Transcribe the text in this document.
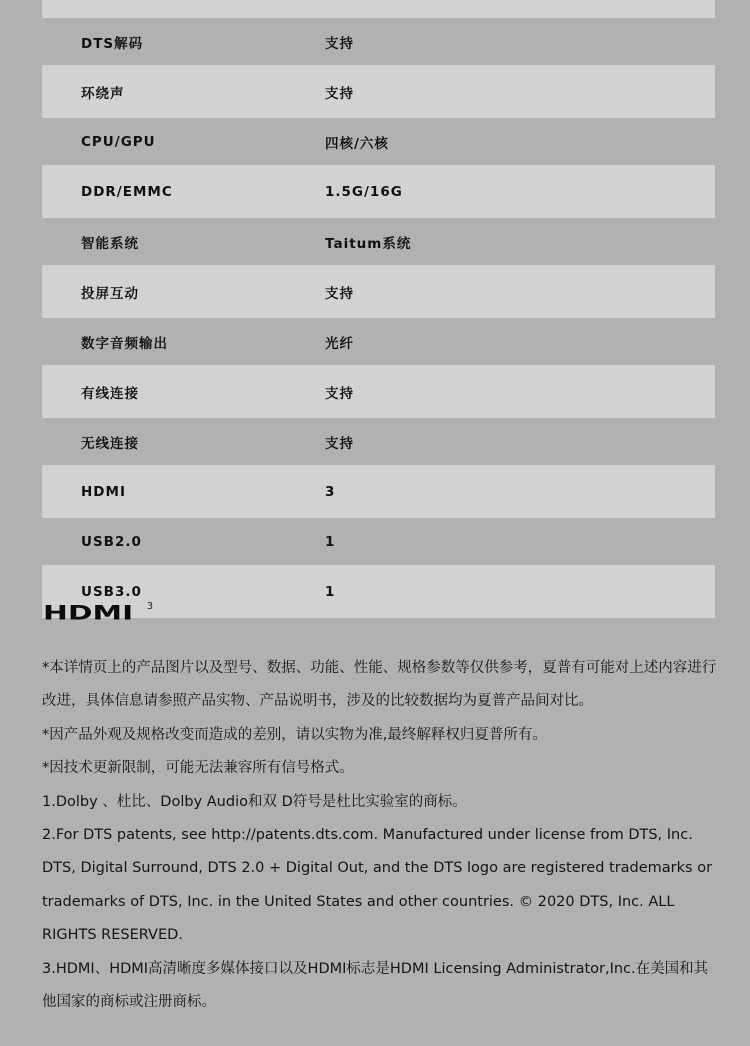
DTS解码	支持
环绕声	支持
CPU/GPU	四核/六核
DDR/EMMC	1.5G/16G
智能系统	Taitum系统
投屏互动	支持
数字音频输出	光纤
有线连接	支持
无线连接	支持
HDMI	3
USB2.0	1
USB3.0	1
HDMI 3

*本详情页上的产品图片以及型号、数据、功能、性能、规格参数等仅供参考，夏普有可能对上述内容进行改进，具体信息请参照产品实物、产品说明书，涉及的比较数据均为夏普产品间对比。

*因产品外观及规格改变而造成的差别，请以实物为准,最终解释权归夏普所有。

*因技术更新限制，可能无法兼容所有信号格式。

1.Dolby 、杜比、Dolby Audio和双 D符号是杜比实验室的商标。

2.For DTS patents, see http://patents.dts.com. Manufactured under license from DTS, Inc. DTS, Digital Surround, DTS 2.0 + Digital Out, and the DTS logo are registered trademarks or trademarks of DTS, Inc. in the United States and other countries. © 2020 DTS, Inc. ALL RIGHTS RESERVED.

3.HDMI、HDMI高清晰度多媒体接口以及HDMI标志是HDMI Licensing Administrator,Inc.在美国和其他国家的商标或注册商标。
